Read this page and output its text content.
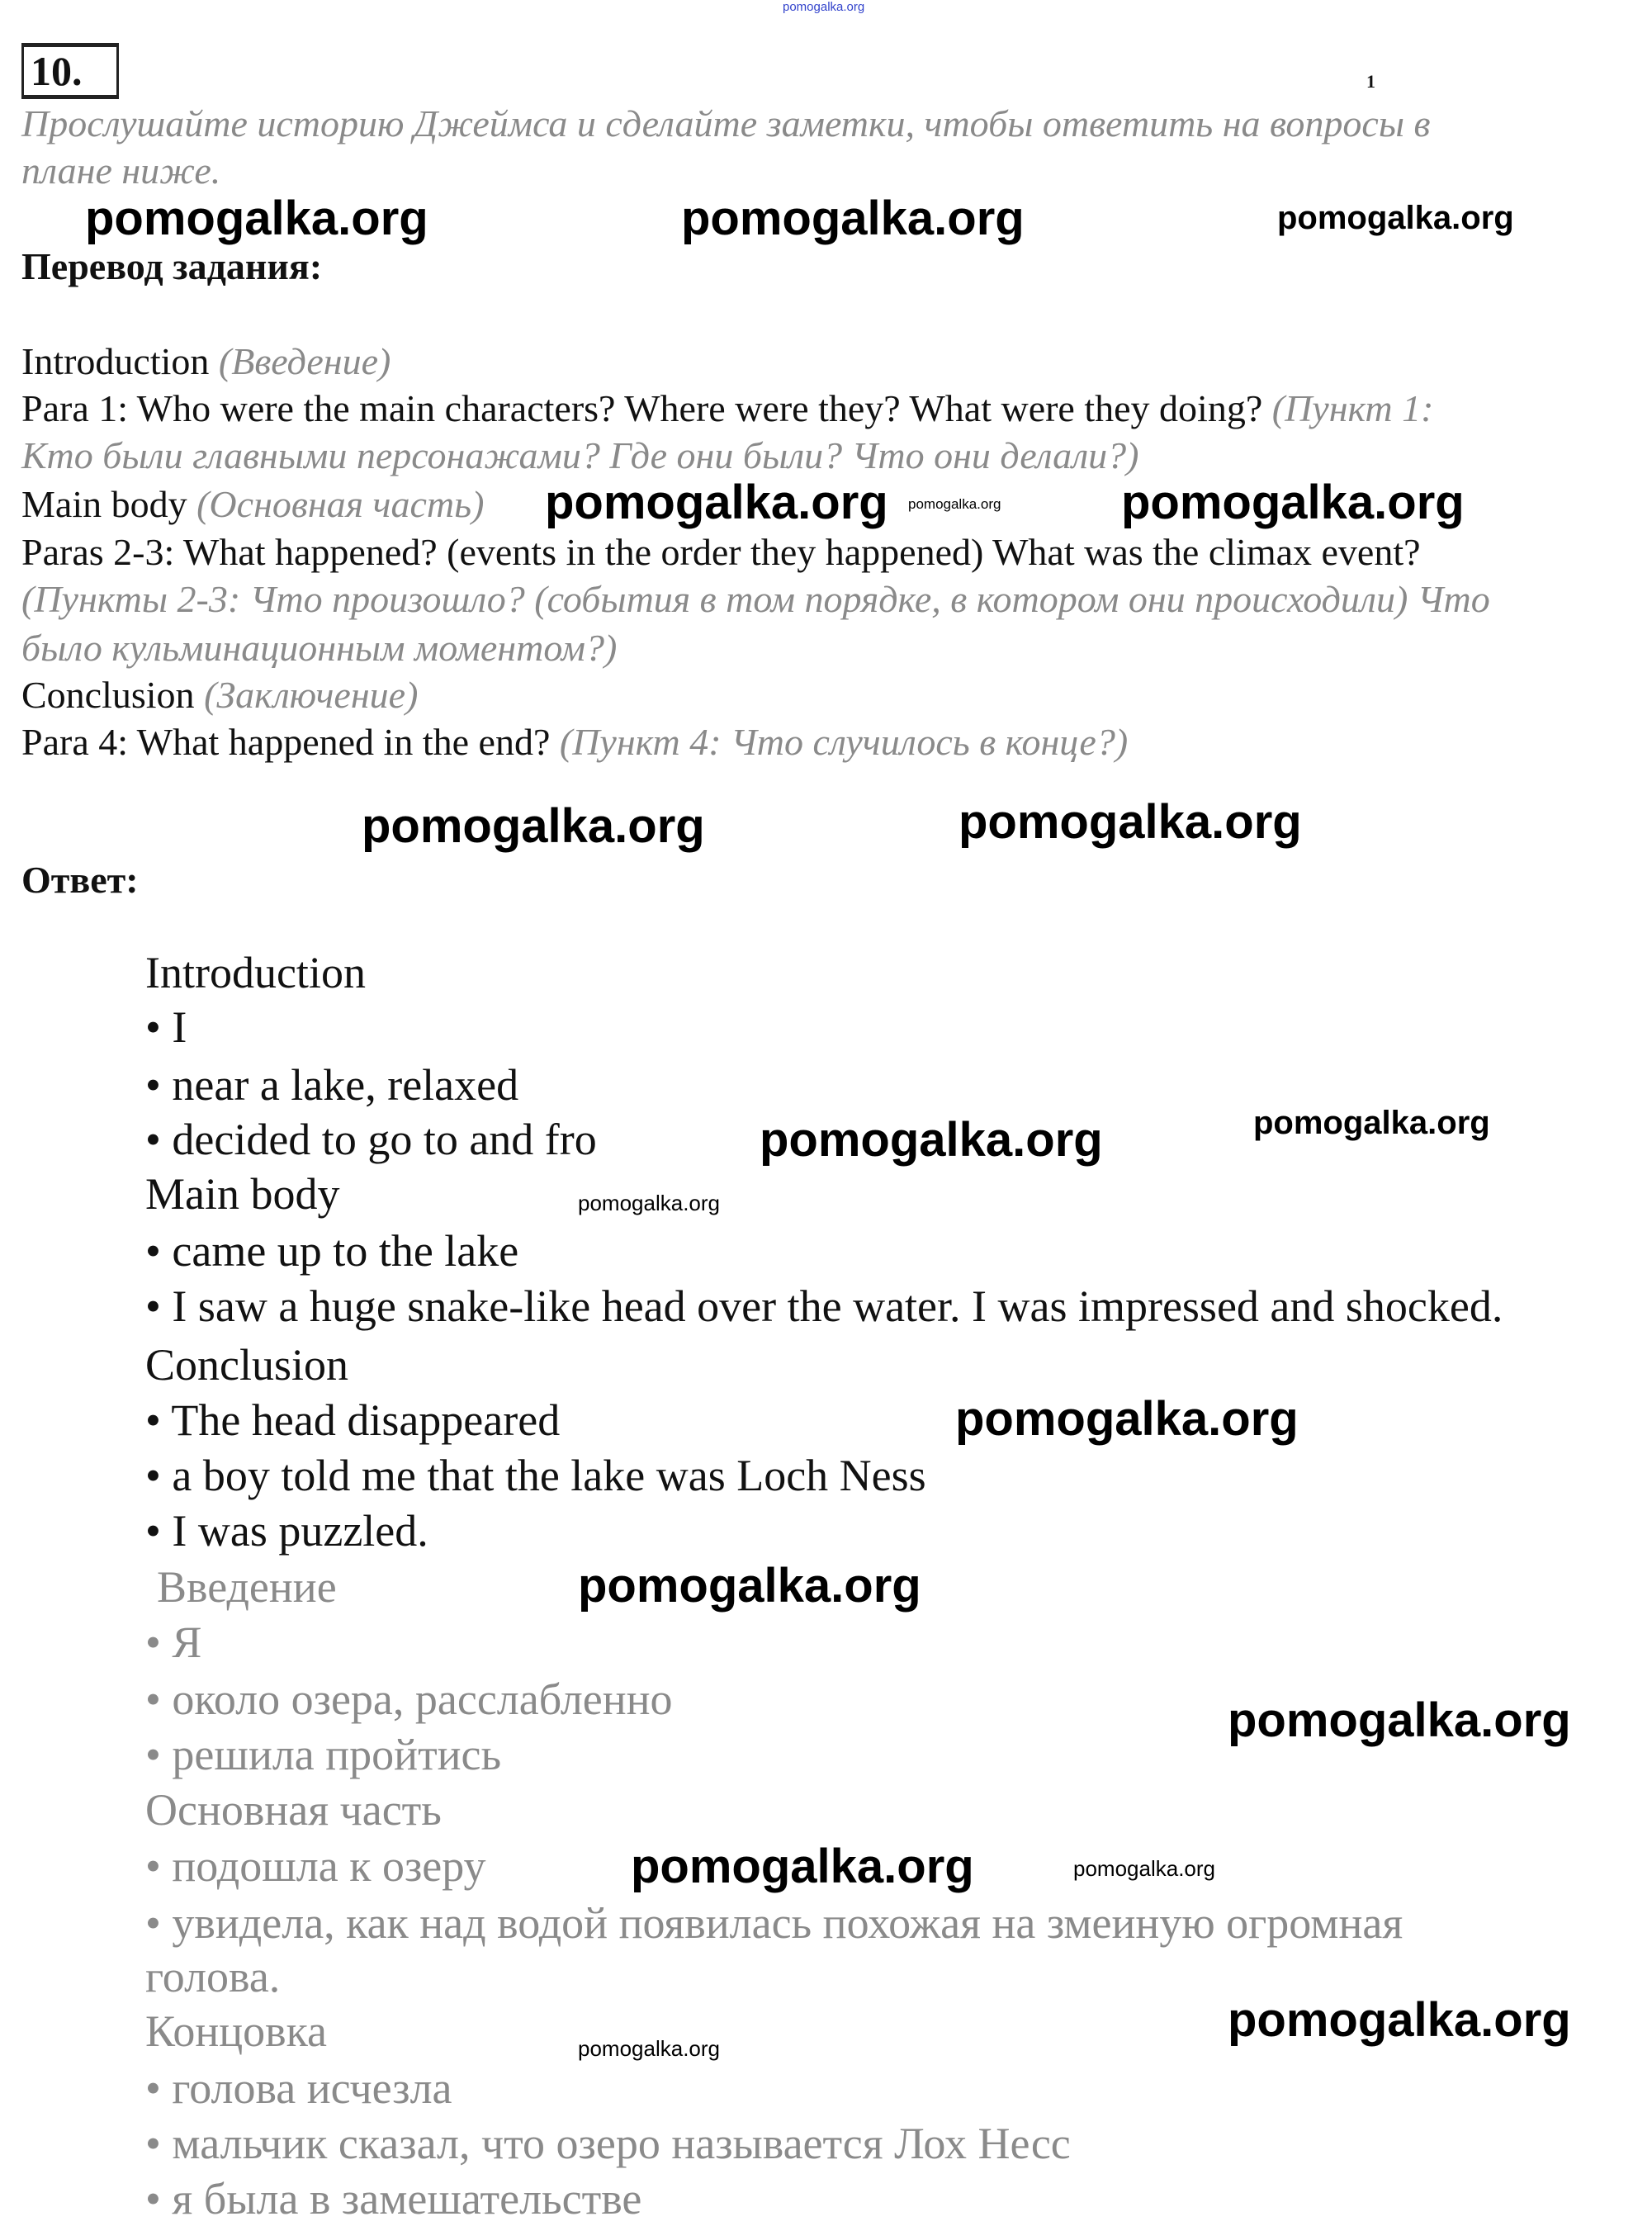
pomogalka.org
10.	1
Прослушайте историю Джеймса и сделайте заметки, чтобы ответить на вопросы в
плане ниже.
pomogalka.org	pomogalka.org	pomogalka.org
Перевод задания:
Introduction (Введение)
Para 1: Who were the main characters? Where were they? What were they doing? (Пункт 1:
Кто были главными персонажами? Где они были? Что они делали?)
Main body (Основная часть)	pomogalka.org
pomogalka.org	pomogalka.org
Paras 2-3: What happened? (events in the order they happened) What was the climax event?
(Пункты 2-3: Что произошло? (события в том порядке, в котором они происходили) Что
было кульминационным моментом?)
Conclusion (Заключение)
Para 4: What happened in the end? (Пункт 4: Что случилось в конце?)
pomogalka.org	pomogalka.org
Ответ:
Introduction
• I
• near a lake, relaxed
• decided to go to and fro	pomogalka.org	pomogalka.org
Main body	pomogalka.org
• came up to the lake
• I saw a huge snake-like head over the water. I was impressed and shocked.
Conclusion
• The head disappeared	pomogalka.org
• a boy told me that the lake was Loch Ness
• I was puzzled.
Введение	pomogalka.org
• Я
• около озера, расслабленно	pomogalka.org
• решила пройтись
Основная часть
• подошла к озеру	pomogalka.org	pomogalka.org
• увидела, как над водой появилась похожая на змеиную огромная
голова.
Концовка	pomogalka.org
pomogalka.org
• голова исчезла
• мальчик сказал, что озеро называется Лох Несс
• я была в замешательстве
